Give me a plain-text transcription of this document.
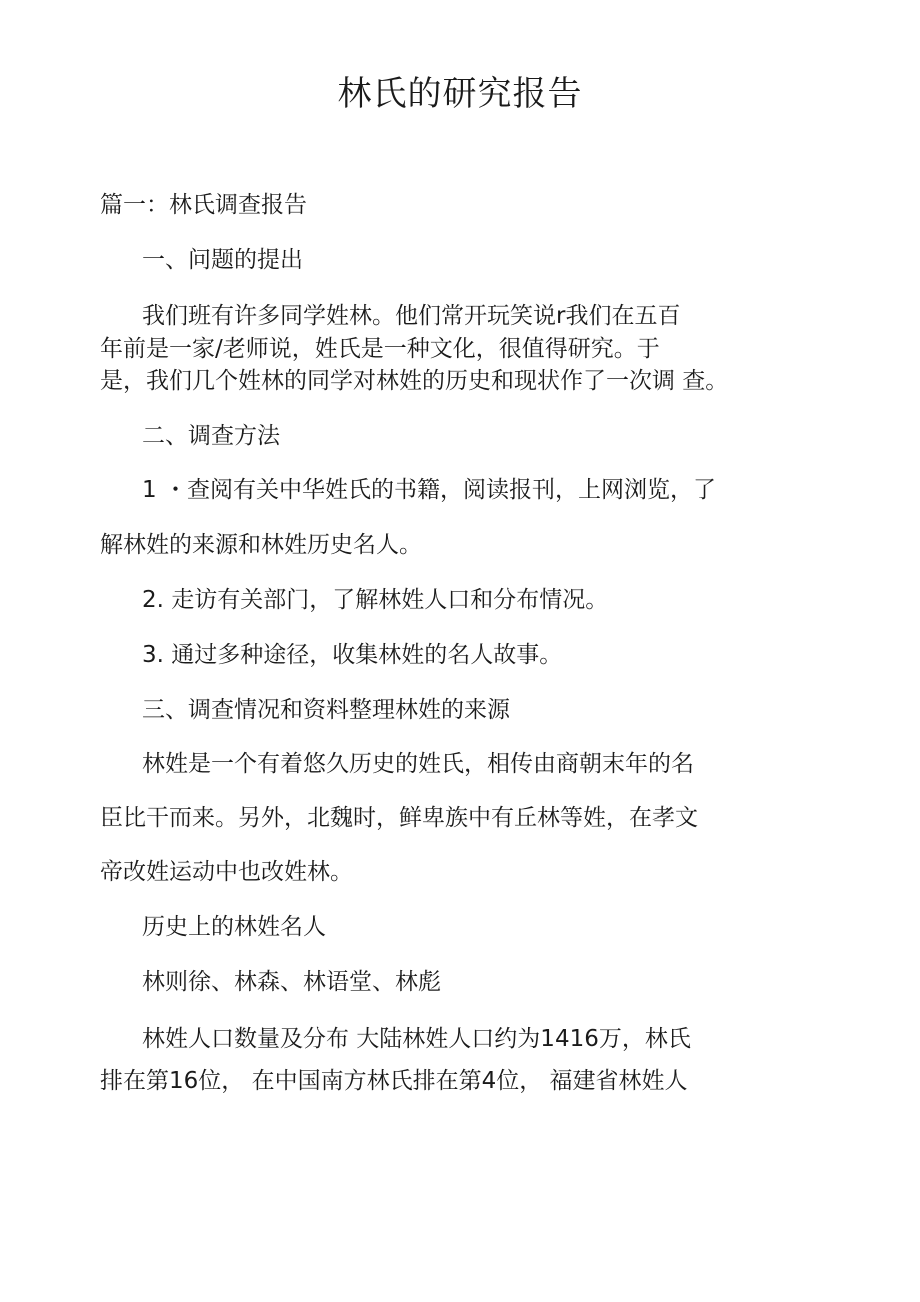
林氏的研究报告
篇一：林氏调查报告
一、问题的提出
我们班有许多同学姓林。他们常开玩笑说r我们在五百
年前是一家/老师说，姓氏是一种文化，很值得研究。于
是，我们几个姓林的同学对林姓的历史和现状作了一次调 查。
二、调查方法
1 ・查阅有关中华姓氏的书籍，阅读报刊，上网浏览，了
解林姓的来源和林姓历史名人。
2. 走访有关部门，了解林姓人口和分布情况。
3. 通过多种途径，收集林姓的名人故事。
三、调查情况和资料整理林姓的来源
林姓是一个有着悠久历史的姓氏，相传由商朝末年的名
臣比干而来。另外，北魏时，鲜卑族中有丘林等姓，在孝文
帝改姓运动中也改姓林。
历史上的林姓名人
林则徐、林森、林语堂、林彪
林姓人口数量及分布 大陆林姓人口约为1416万，林氏
排在第16位， 在中国南方林氏排在第4位， 福建省林姓人
